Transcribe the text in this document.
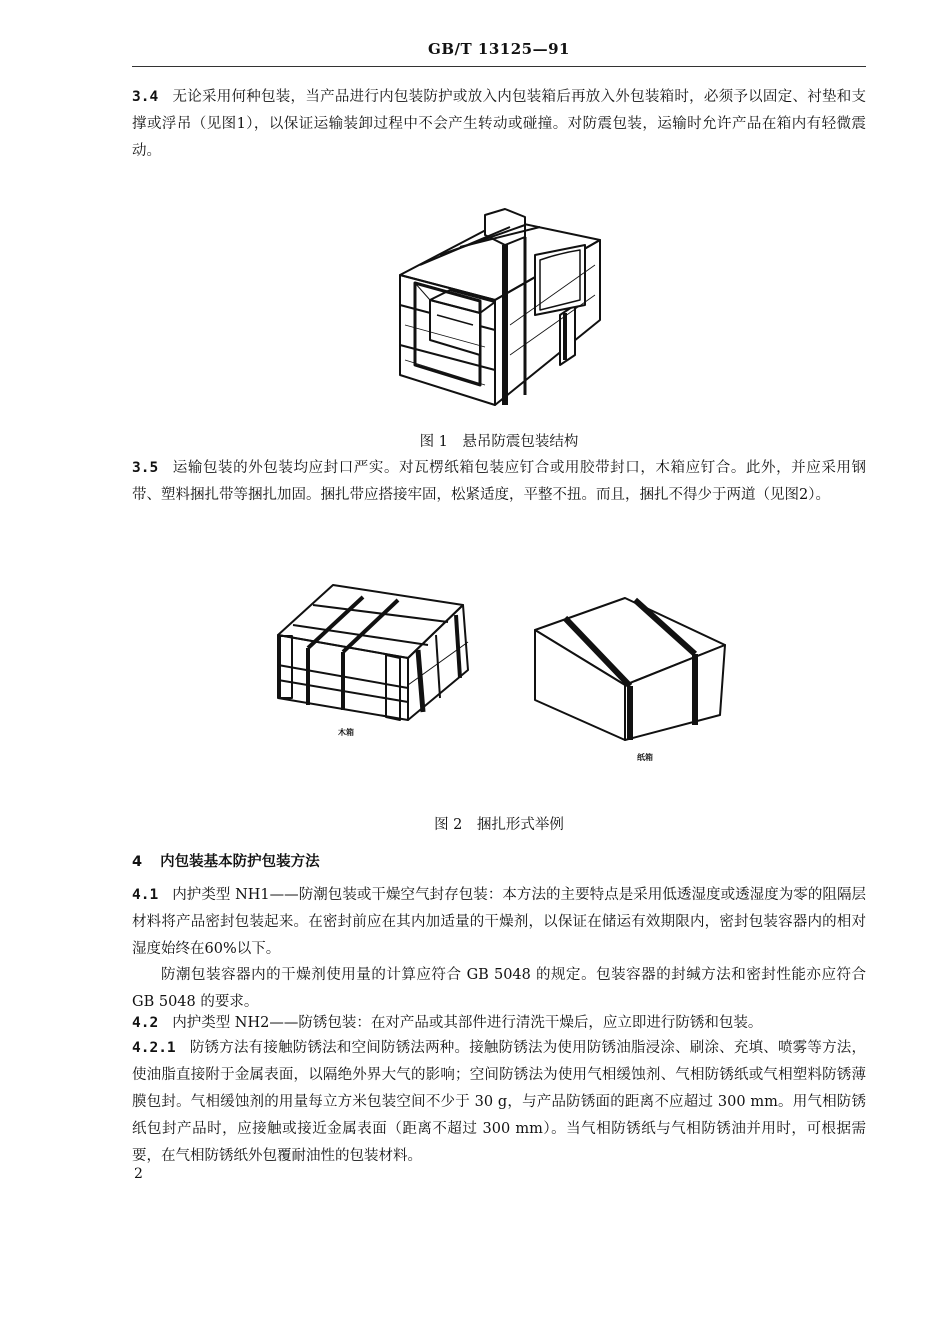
GB/T 13125—91

3.4 无论采用何种包装，当产品进行内包装防护或放入内包装箱后再放入外包装箱时，必须予以固定、衬垫和支撑或浮吊（见图1），以保证运输装卸过程中不会产生转动或碰撞。对防震包装，运输时允许产品在箱内有轻微震动。

图 1　悬吊防震包装结构

3.5 运输包装的外包装均应封口严实。对瓦楞纸箱包装应钉合或用胶带封口，木箱应钉合。此外，并应采用钢带、塑料捆扎带等捆扎加固。捆扎带应搭接牢固，松紧适度，平整不扭。而且，捆扎不得少于两道（见图2）。

木箱
纸箱
图 2　捆扎形式举例
4 内包装基本防护包装方法

4.1 内护类型 NH1——防潮包装或干燥空气封存包装：本方法的主要特点是采用低透湿度或透湿度为零的阻隔层材料将产品密封包装起来。在密封前应在其内加适量的干燥剂，以保证在储运有效期限内，密封包装容器内的相对湿度始终在60%以下。

防潮包装容器内的干燥剂使用量的计算应符合 GB 5048 的规定。包装容器的封缄方法和密封性能亦应符合 GB 5048 的要求。

4.2 内护类型 NH2——防锈包装：在对产品或其部件进行清洗干燥后，应立即进行防锈和包装。

4.2.1 防锈方法有接触防锈法和空间防锈法两种。接触防锈法为使用防锈油脂浸涂、刷涂、充填、喷雾等方法，使油脂直接附于金属表面，以隔绝外界大气的影响；空间防锈法为使用气相缓蚀剂、气相防锈纸或气相塑料防锈薄膜包封。气相缓蚀剂的用量每立方米包装空间不少于 30 g，与产品防锈面的距离不应超过 300 mm。用气相防锈纸包封产品时，应接触或接近金属表面（距离不超过 300 mm）。当气相防锈纸与气相防锈油并用时，可根据需要，在气相防锈纸外包覆耐油性的包装材料。

2
